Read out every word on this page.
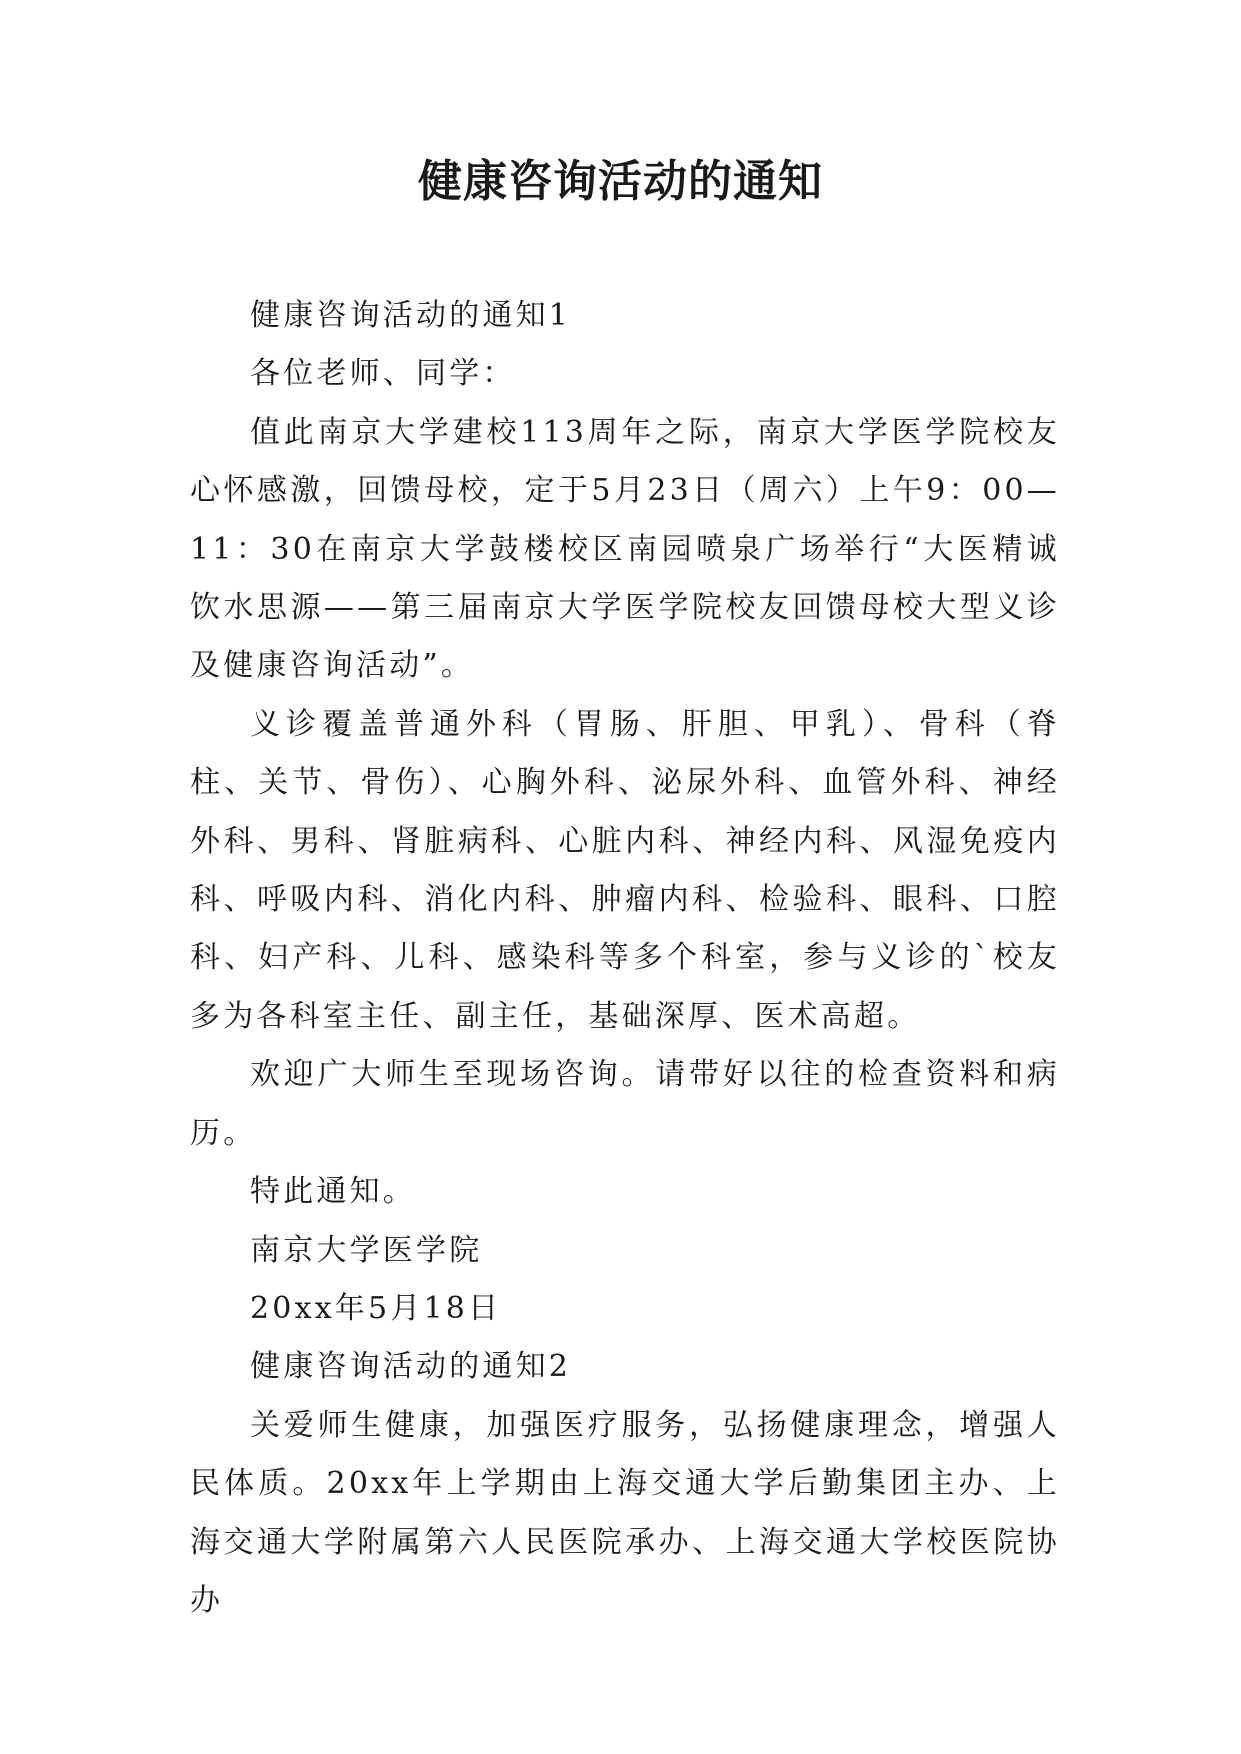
健康咨询活动的通知

健康咨询活动的通知1

各位老师、同学：

值此南京大学建校113周年之际，南京大学医学院校友心怀感激，回馈母校，定于5月23日（周六）上午9：00—11：30在南京大学鼓楼校区南园喷泉广场举行“大医精诚饮水思源——第三届南京大学医学院校友回馈母校大型义诊及健康咨询活动”。

义诊覆盖普通外科（胃肠、肝胆、甲乳）、骨科（脊柱、关节、骨伤）、心胸外科、泌尿外科、血管外科、神经外科、男科、肾脏病科、心脏内科、神经内科、风湿免疫内科、呼吸内科、消化内科、肿瘤内科、检验科、眼科、口腔科、妇产科、儿科、感染科等多个科室，参与义诊的`校友多为各科室主任、副主任，基础深厚、医术高超。

欢迎广大师生至现场咨询。请带好以往的检查资料和病历。

特此通知。

南京大学医学院

20xx年5月18日

健康咨询活动的通知2

关爱师生健康，加强医疗服务，弘扬健康理念，增强人民体质。20xx年上学期由上海交通大学后勤集团主办、上海交通大学附属第六人民医院承办、上海交通大学校医院协办
